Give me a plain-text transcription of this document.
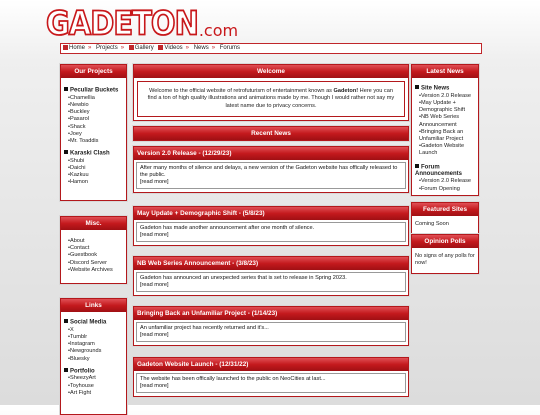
GADETON .com
Home » Projects » Gallery Videos » News » Forums
Our Projects
Peculiar Buckets
• Chamellia
• Newbio
• Buckley
• Pasarol
• Shack
• Joey
• Mr. Toaddis
Karaski Clash
• Shubi
• Daichi
• Kazkuu
• Hamon
Misc.
• About
• Contact
• Guestbook
• Discord Server
• Website Archives
Links
Social Media
• X
• Tumblr
• Instagram
• Newgrounds
• Bluesky
Portfolio
• SheezyArt
• Toyhouse
• Art Fight
Welcome
Welcome to the official website of retrofuturism of entertainment known as Gadeton! Here you can find a ton of high quality illustrations and animations made by me. Though I would rather not say my latest name due to privacy concerns.
Recent News
Version 2.0 Release - (12/29/23)
After many months of silence and delays, a new version of the Gadeton website has offically released to the public.
[read more]
May Update + Demographic Shift - (5/8/23)
Gadeton has made another announcement after one month of silence.
[read more]
NB Web Series Announcement - (3/8/23)
Gadeton has announced an unexpected series that is set to release in Spring 2023.
[read more]
Bringing Back an Unfamiliar Project - (1/14/23)
An unfamiliar project has recently returned and it's...
[read more]
Gadeton Website Launch - (12/31/22)
The website has been offically launched to the public on NeoCities at last...
[read more]
Latest News
Site News
• Version 2.0 Release
• May Update + Demographic Shift
• NB Web Series Announcement
• Bringing Back an Unfamiliar Project
• Gadeton Website Launch
Forum Announcements
• Version 2.0 Release
• Forum Opening
Featured Sites
Coming Soon
Opinion Polls
No signs of any polls for now!
